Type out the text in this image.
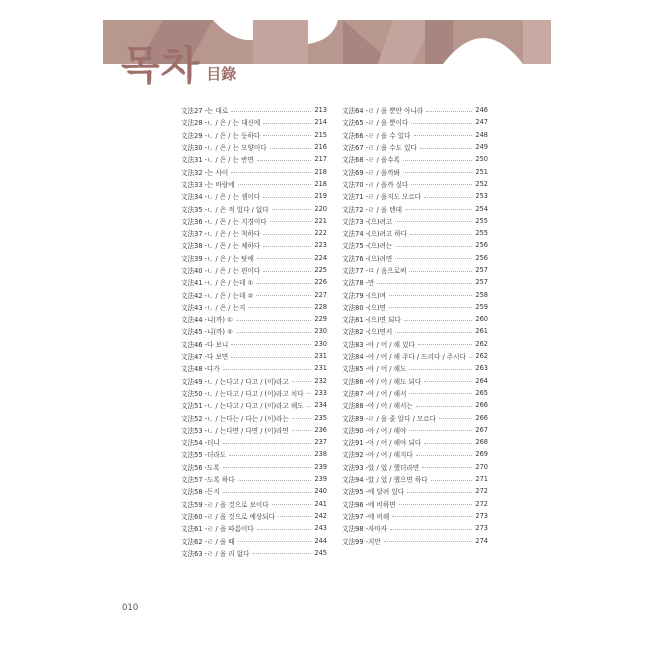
목차 目錄
文法27 -는 대로	213
文法28 -ㄴ / 은 / 는 대신에	214
文法29 -ㄴ / 은 / 는 듯하다	215
文法30 -ㄴ / 은 / 는 모양이다	216
文法31 -ㄴ / 은 / 는 반면	217
文法32 -는 사이	218
文法33 -는 바람에	218
文法34 -ㄴ / 은 / 는 셈이다	219
文法35 -ㄴ / 은 적 있다 / 없다	220
文法36 -ㄴ / 은 / 는 지경이다	221
文法37 -ㄴ / 은 / 는 척하다	222
文法38 -ㄴ / 은 / 는 체하다	223
文法39 -ㄴ / 은 / 는 탓에	224
文法40 -ㄴ / 은 / 는 편이다	225
文法41 -ㄴ / 은 / 는데 ①	226
文法42 -ㄴ / 은 / 는데 ②	227
文法43 -ㄴ / 은 / 는지	228
文法44 -니(까) ①	229
文法45 -니(까) ②	230
文法46 -다 보니	230
文法47 -다 보면	231
文法48 -다가	231
文法49 -ㄴ / 는다고 / 다고 / (이)라고	232
文法50 -ㄴ / 는다고 / 다고 / (이)라고 치다 233
文法51 -ㄴ / 는다고 / 다고 / (이)라고 해도 234
文法52 -ㄴ / 는다는 / 다는 / (이)라는	235
文法53 -ㄴ / 는다면 / 다면 / (이)라면	236
文法54 -더니	237
文法55 -더라도	238
文法56 -도록	239
文法57 -도록 하다	239
文法58 -든지	240
文法59 -ㄹ / 을 것으로 보이다	241
文法60 -ㄹ / 을 것으로 예상되다	242
文法61 -ㄹ / 을 따름이다	243
文法62 -ㄹ / 을 때	244
文法63 -ㄹ / 을 리 없다	245
文法64 -ㄹ / 을 뿐만 아니라	246
文法65 -ㄹ / 을 뿐이다	247
文法66 -ㄹ / 을 수 있다	248
文法67 -ㄹ / 을 수도 있다	249
文法68 -ㄹ / 을수록	250
文法69 -ㄹ / 을까봐	251
文法70 -ㄹ / 을까 싶다	252
文法71 -ㄹ / 을지도 모르다	253
文法72 -ㄹ / 을 텐데	254
文法73 -(으)려고	255
文法74 -(으)려고 하다	255
文法75 -(으)려는	256
文法76 -(으)려면	256
文法77 -ㅁ / 음으로써	257
文法78 -만	257
文法79 -(으)며	258
文法80 -(으)면	259
文法81 -(으)면 되다	260
文法82 -(으)면서	261
文法83 -아 / 어 / 해 있다	262
文法84 -아 / 어 / 해 주다 / 드리다 / 주시다 262
文法85 -아 / 어 / 해도	263
文法86 -아 / 어 / 해도 되다	264
文法87 -아 / 어 / 해서	265
文法88 -아 / 어 / 해서는	266
文法89 -ㄹ / 을 줄 알다 / 모르다	266
文法90 -아 / 어 / 해야	267
文法91 -아 / 어 / 해야 되다	268
文法92 -아 / 어 / 해지다	269
文法93 -았 / 었 / 했더라면	270
文法94 -았 / 었 / 했으면 하다	271
文法95 -에 달려 있다	272
文法96 -에 비하면	272
文法97 -에 비해	273
文法98 -자마자	273
文法99 -지만	274
010
